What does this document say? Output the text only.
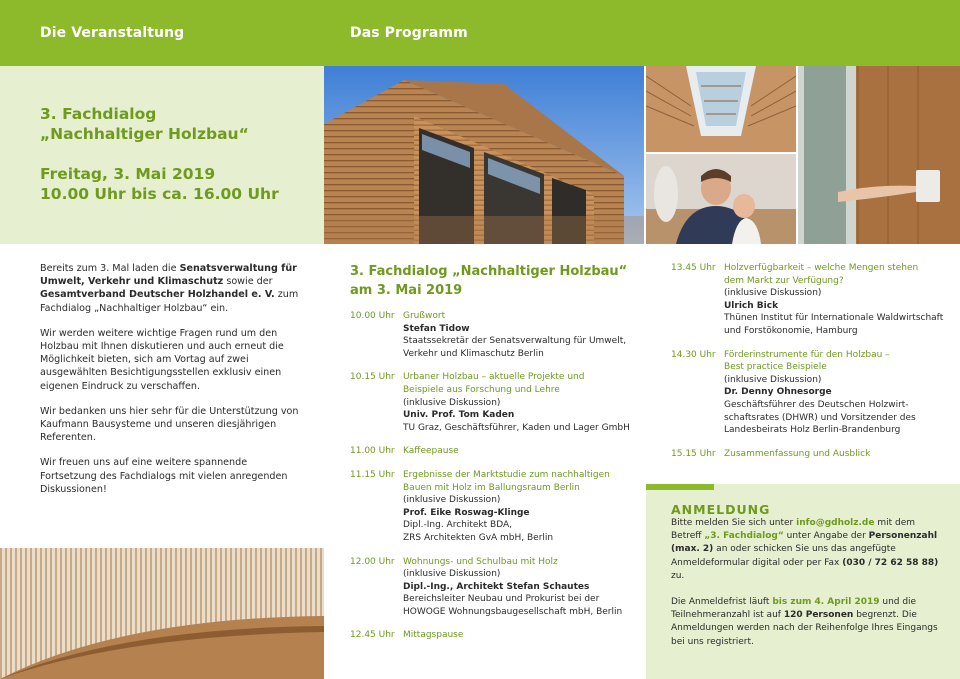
Die Veranstaltung	Das Programm
3. Fachdialog
„Nachhaltiger Holzbau“
Freitag, 3. Mai 2019
10.00 Uhr bis ca. 16.00 Uhr

Bereits zum 3. Mal laden die Senatsverwaltung für Umwelt, Verkehr und Klimaschutz sowie der Gesamtverband Deutscher Holzhandel e. V. zum Fachdialog „Nachhaltiger Holzbau“ ein.

Wir werden weitere wichtige Fragen rund um den Holzbau mit Ihnen diskutieren und auch erneut die Möglichkeit bieten, sich am Vortag auf zwei ausgewählten Besichtigungsstellen exklusiv einen eigenen Eindruck zu verschaffen.

Wir bedanken uns hier sehr für die Unterstützung von Kaufmann Bausysteme und unseren diesjährigen Referenten.

Wir freuen uns auf eine weitere spannende Fortsetzung des Fachdialogs mit vielen anregenden Diskussionen!

3. Fachdialog „Nachhaltiger Holzbau“
am 3. Mai 2019
10.00 Uhr Grußwort
Stefan Tidow
Staatssekretär der Senatsverwaltung für Umwelt,
Verkehr und Klimaschutz Berlin
10.15 Uhr Urbaner Holzbau – aktuelle Projekte und
Beispiele aus Forschung und Lehre
(inklusive Diskussion)
Univ. Prof. Tom Kaden
TU Graz, Geschäftsführer, Kaden und Lager GmbH
11.00 Uhr Kaffeepause
11.15 Uhr Ergebnisse der Marktstudie zum nachhaltigen
Bauen mit Holz im Ballungsraum Berlin
(inklusive Diskussion)
Prof. Eike Roswag-Klinge
Dipl.-Ing. Architekt BDA,
ZRS Architekten GvA mbH, Berlin
12.00 Uhr Wohnungs- und Schulbau mit Holz
(inklusive Diskussion)
Dipl.-Ing., Architekt Stefan Schautes
Bereichsleiter Neubau und Prokurist bei der
HOWOGE Wohnungsbaugesellschaft mbH, Berlin
12.45 Uhr Mittagspause
13.45 Uhr Holzverfügbarkeit – welche Mengen stehen
dem Markt zur Verfügung?
(inklusive Diskussion)
Ulrich Bick
Thünen Institut für Internationale Waldwirtschaft
und Forstökonomie, Hamburg
14.30 Uhr Förderinstrumente für den Holzbau –
Best practice Beispiele
(inklusive Diskussion)
Dr. Denny Ohnesorge
Geschäftsführer des Deutschen Holzwirt-
schaftsrates (DHWR) und Vorsitzender des
Landesbeirats Holz Berlin-Brandenburg
15.15 Uhr Zusammenfassung und Ausblick
ANMELDUNG

Bitte melden Sie sich unter info@gdholz.de mit dem Betreff „3. Fachdialog“ unter Angabe der Personenzahl (max. 2) an oder schicken Sie uns das angefügte Anmeldeformular digital oder per Fax (030 / 72 62 58 88) zu.

Die Anmeldefrist läuft bis zum 4. April 2019 und die Teilnehmeranzahl ist auf 120 Personen begrenzt. Die Anmeldungen werden nach der Reihenfolge Ihres Eingangs bei uns registriert.
